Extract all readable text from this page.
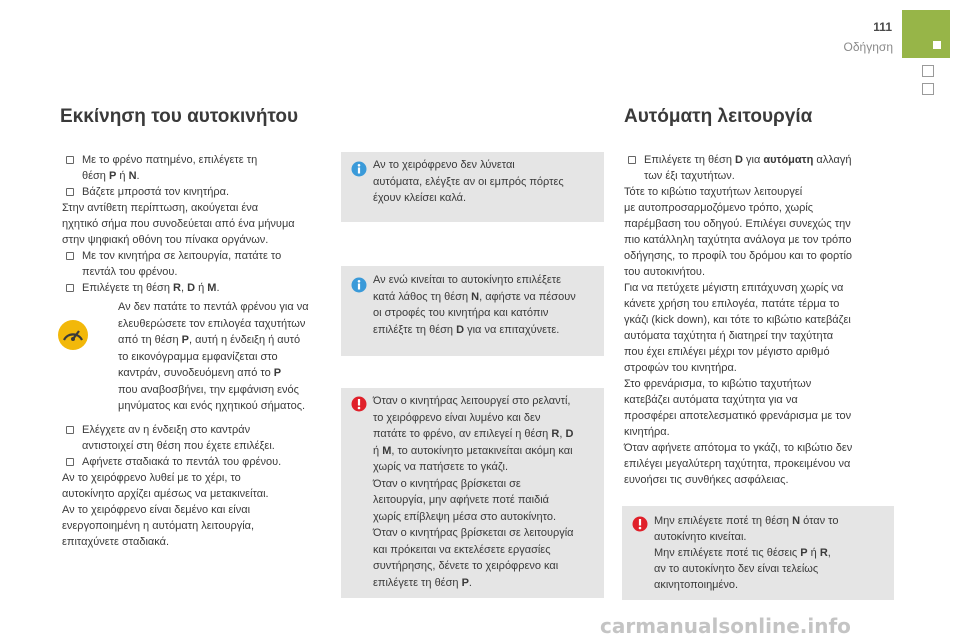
111
Οδήγηση
Εκκίνηση του αυτοκινήτου	Αυτόματη λειτουργία

Με το φρένο πατημένο, επιλέγετε τη

θέση P ή N.

Βάζετε μπροστά τον κινητήρα.

Στην αντίθετη περίπτωση, ακούγεται ένα

ηχητικό σήμα που συνοδεύεται από ένα μήνυμα

στην ψηφιακή οθόνη του πίνακα οργάνων.

Με τον κινητήρα σε λειτουργία, πατάτε το

πεντάλ του φρένου.

Επιλέγετε τη θέση R, D ή M.

Αν δεν πατάτε το πεντάλ φρένου για να

ελευθερώσετε τον επιλογέα ταχυτήτων

από τη θέση P, αυτή η ένδειξη ή αυτό

το εικονόγραμμα εμφανίζεται στο

καντράν, συνοδευόμενη από το P

που αναβοσβήνει, την εμφάνιση ενός

μηνύματος και ενός ηχητικού σήματος.

Ελέγχετε αν η ένδειξη στο καντράν

αντιστοιχεί στη θέση που έχετε επιλέξει.

Αφήνετε σταδιακά το πεντάλ του φρένου.

Αν το χειρόφρενο λυθεί με το χέρι, το

αυτοκίνητο αρχίζει αμέσως να μετακινείται.

Αν το χειρόφρενο είναι δεμένο και είναι

ενεργοποιημένη η αυτόματη λειτουργία,

επιταχύνετε σταδιακά.

Αν το χειρόφρενο δεν λύνεται

αυτόματα, ελέγξτε αν οι εμπρός πόρτες

έχουν κλείσει καλά.

Αν ενώ κινείται το αυτοκίνητο επιλέξετε

κατά λάθος τη θέση N, αφήστε να πέσουν

οι στροφές του κινητήρα και κατόπιν

επιλέξτε τη θέση D για να επιταχύνετε.

Όταν ο κινητήρας λειτουργεί στο ρελαντί,

το χειρόφρενο είναι λυμένο και δεν

πατάτε το φρένο, αν επιλεγεί η θέση R, D

ή M, το αυτοκίνητο μετακινείται ακόμη και

χωρίς να πατήσετε το γκάζι.

Όταν ο κινητήρας βρίσκεται σε

λειτουργία, μην αφήνετε ποτέ παιδιά

χωρίς επίβλεψη μέσα στο αυτοκίνητο.

Όταν ο κινητήρας βρίσκεται σε λειτουργία

και πρόκειται να εκτελέσετε εργασίες

συντήρησης, δένετε το χειρόφρενο και

επιλέγετε τη θέση P.

Επιλέγετε τη θέση D για αυτόματη αλλαγή

των έξι ταχυτήτων.

Τότε το κιβώτιο ταχυτήτων λειτουργεί

με αυτοπροσαρμοζόμενο τρόπο, χωρίς

παρέμβαση του οδηγού. Επιλέγει συνεχώς την

πιο κατάλληλη ταχύτητα ανάλογα με τον τρόπο

οδήγησης, το προφίλ του δρόμου και το φορτίο

του αυτοκινήτου.

Για να πετύχετε μέγιστη επιτάχυνση χωρίς να

κάνετε χρήση του επιλογέα, πατάτε τέρμα το

γκάζι (kick down), και τότε το κιβώτιο κατεβάζει

αυτόματα ταχύτητα ή διατηρεί την ταχύτητα

που έχει επιλέγει μέχρι τον μέγιστο αριθμό

στροφών του κινητήρα.

Στο φρενάρισμα, το κιβώτιο ταχυτήτων

κατεβάζει αυτόματα ταχύτητα για να

προσφέρει αποτελεσματικό φρενάρισμα με τον

κινητήρα.

Όταν αφήνετε απότομα το γκάζι, το κιβώτιο δεν

επιλέγει μεγαλύτερη ταχύτητα, προκειμένου να

ευνοήσει τις συνθήκες ασφάλειας.

Μην επιλέγετε ποτέ τη θέση N όταν το

αυτοκίνητο κινείται.

Μην επιλέγετε ποτέ τις θέσεις P ή R,

αν το αυτοκίνητο δεν είναι τελείως

ακινητοποιημένο.

carmanualsonline.info
